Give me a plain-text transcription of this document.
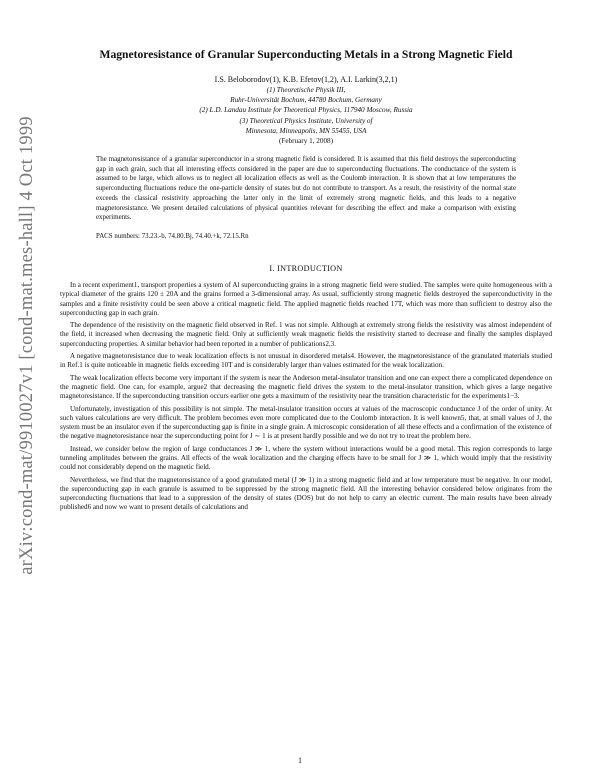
arXiv:cond-mat/9910027v1 [cond-mat.mes-hall] 4 Oct 1999
Magnetoresistance of Granular Superconducting Metals in a Strong Magnetic Field
I.S. Beloborodov(1), K.B. Efetov(1,2), A.I. Larkin(3,2,1)
(1) Theoretische Physik III,
Ruhr-Universität Bochum, 44780 Bochum, Germany
(2) L.D. Landau Institute for Theoretical Physics, 117940 Moscow, Russia
(3) Theoretical Physics Institute, University of
Minnesota, Minneapolis, MN 55455, USA
(February 1, 2008)
The magnetoresistance of a granular superconductor in a strong magnetic field is considered. It is assumed that this field destroys the superconducting gap in each grain, such that all interesting effects considered in the paper are due to superconducting fluctuations. The conductance of the system is assumed to be large, which allows us to neglect all localization effects as well as the Coulomb interaction. It is shown that at low temperatures the superconducting fluctuations reduce the one-particle density of states but do not contribute to transport. As a result, the resistivity of the normal state exceeds the classical resistivity approaching the latter only in the limit of extremely strong magnetic fields, and this leads to a negative magnetoresistance. We present detailed calculations of physical quantities relevant for describing the effect and make a comparison with existing experiments.
PACS numbers: 73.23.-b, 74.80.Bj, 74.40.+k, 72.15.Rn
I. INTRODUCTION

In a recent experiment1, transport properties a system of Al superconducting grains in a strong magnetic field were studied. The samples were quite homogeneous with a typical diameter of the grains 120 ± 20A and the grains formed a 3-dimensional array. As usual, sufficiently strong magnetic fields destroyed the superconductivity in the samples and a finite resistivity could be seen above a critical magnetic field. The applied magnetic fields reached 17T, which was more than sufficient to destroy also the superconducting gap in each grain.

The dependence of the resistivity on the magnetic field observed in Ref. 1 was not simple. Although at extremely strong fields the resistivity was almost independent of the field, it increased when decreasing the magnetic field. Only at sufficiently weak magnetic fields the resistivity started to decrease and finally the samples displayed superconducting properties. A similar behavior had been reported in a number of publications2,3.

A negative magnetoresistance due to weak localization effects is not unusual in disordered metals4. However, the magnetoresistance of the granulated materials studied in Ref.1 is quite noticeable in magnetic fields exceeding 10T and is considerably larger than values estimated for the weak localization.

The weak localization effects become very important if the system is near the Anderson metal-insulator transition and one can expect there a complicated dependence on the magnetic field. One can, for example, argue2 that decreasing the magnetic field drives the system to the metal-insulator transition, which gives a large negative magnetoresistance. If the superconducting transition occurs earlier one gets a maximum of the resistivity near the transition characteristic for the experiments1−3.

Unfortunately, investigation of this possibility is not simple. The metal-insulator transition occurs at values of the macroscopic conductance J of the order of unity. At such values calculations are very difficult. The problem becomes even more complicated due to the Coulomb interaction. It is well known5, that, at small values of J, the system must be an insulator even if the superconducting gap is finite in a single grain. A microscopic consideration of all these effects and a confirmation of the existence of the negative magnetoresistance near the superconducting point for J ∼ 1 is at present hardly possible and we do not try to treat the problem here.

Instead, we consider below the region of large conductances J ≫ 1, where the system without interactions would be a good metal. This region corresponds to large tunneling amplitudes between the grains. All effects of the weak localization and the charging effects have to be small for J ≫ 1, which would imply that the resistivity could not considerably depend on the magnetic field.

Nevertheless, we find that the magnetoresistance of a good granulated metal (J ≫ 1) in a strong magnetic field and at low temperature must be negative. In our model, the superconducting gap in each granule is assumed to be suppressed by the strong magnetic field. All the interesting behavior considered below originates from the superconducting fluctuations that lead to a suppression of the density of states (DOS) but do not help to carry an electric current. The main results have been already published6 and now we want to present details of calculations and

1
